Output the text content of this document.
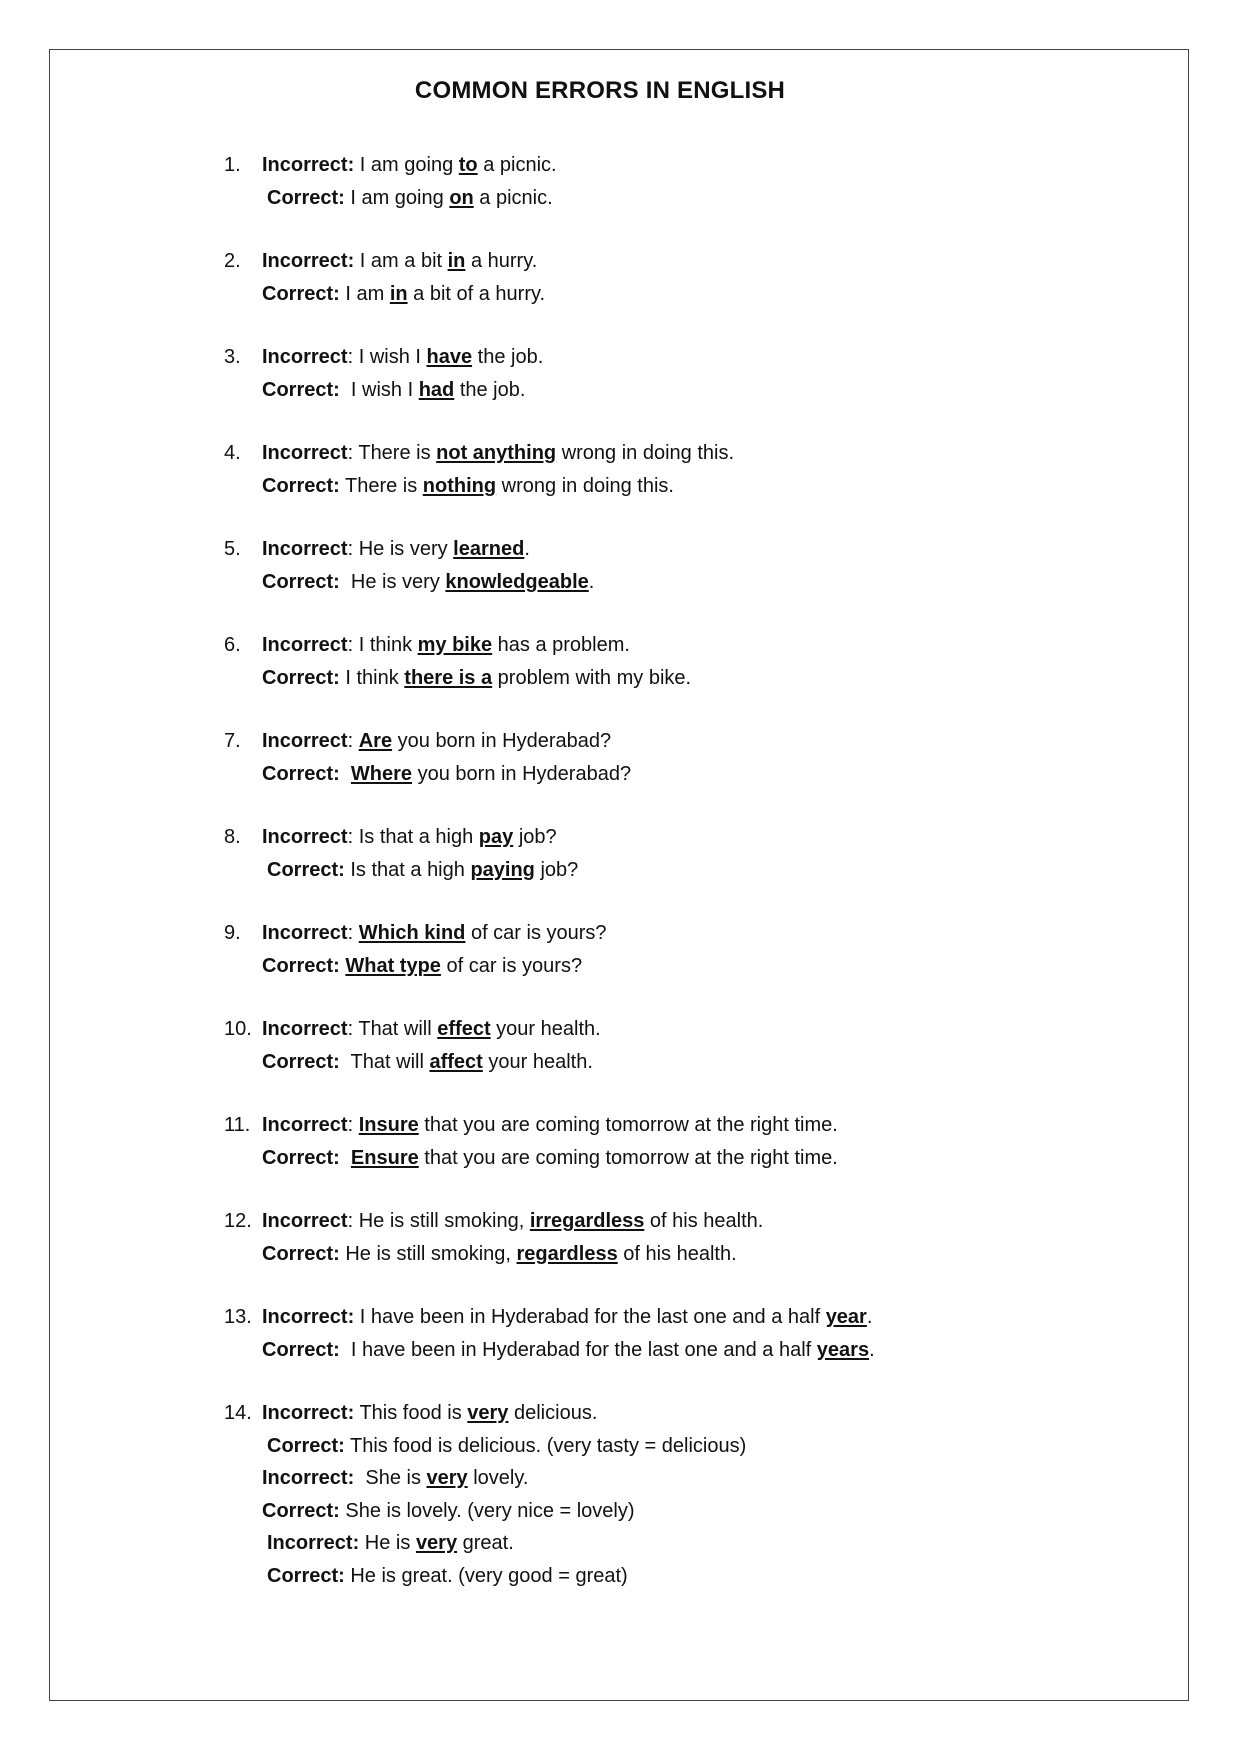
COMMON ERRORS IN ENGLISH
1. Incorrect: I am going to a picnic.
Correct: I am going on a picnic.
2. Incorrect: I am a bit in a hurry.
Correct: I am in a bit of a hurry.
3. Incorrect: I wish I have the job.
Correct:  I wish I had the job.
4. Incorrect: There is not anything wrong in doing this.
Correct: There is nothing wrong in doing this.
5. Incorrect: He is very learned.
Correct:  He is very knowledgeable.
6. Incorrect: I think my bike has a problem.
Correct: I think there is a problem with my bike.
7. Incorrect: Are you born in Hyderabad?
Correct: Where you born in Hyderabad?
8. Incorrect: Is that a high pay job?
Correct: Is that a high paying job?
9. Incorrect: Which kind of car is yours?
Correct: What type of car is yours?
10. Incorrect: That will effect your health.
Correct:  That will affect your health.
11. Incorrect: Insure that you are coming tomorrow at the right time.
Correct: Ensure that you are coming tomorrow at the right time.
12. Incorrect: He is still smoking, irregardless of his health.
Correct: He is still smoking, regardless of his health.
13. Incorrect: I have been in Hyderabad for the last one and a half year.
Correct:  I have been in Hyderabad for the last one and a half years.
14. Incorrect: This food is very delicious.
Correct: This food is delicious. (very tasty = delicious)
Incorrect:  She is very lovely.
Correct: She is lovely. (very nice = lovely)
Incorrect: He is very great.
Correct: He is great. (very good = great)
